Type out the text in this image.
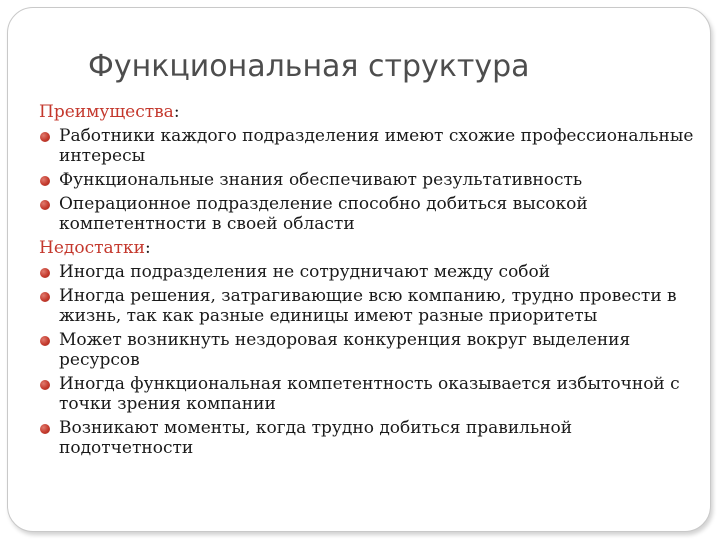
Функциональная структура
Преимущества:
Работники каждого подразделения имеют схожие профессиональные интересы
Функциональные знания обеспечивают результативность
Операционное подразделение способно добиться высокой компетентности в своей области
Недостатки:
Иногда подразделения не сотрудничают между собой
Иногда решения, затрагивающие всю компанию, трудно провести в жизнь, так как разные единицы имеют разные приоритеты
Может возникнуть нездоровая конкуренция вокруг выделения ресурсов
Иногда функциональная компетентность оказывается избыточной с точки зрения компании
Возникают моменты, когда трудно добиться правильной подотчетности
